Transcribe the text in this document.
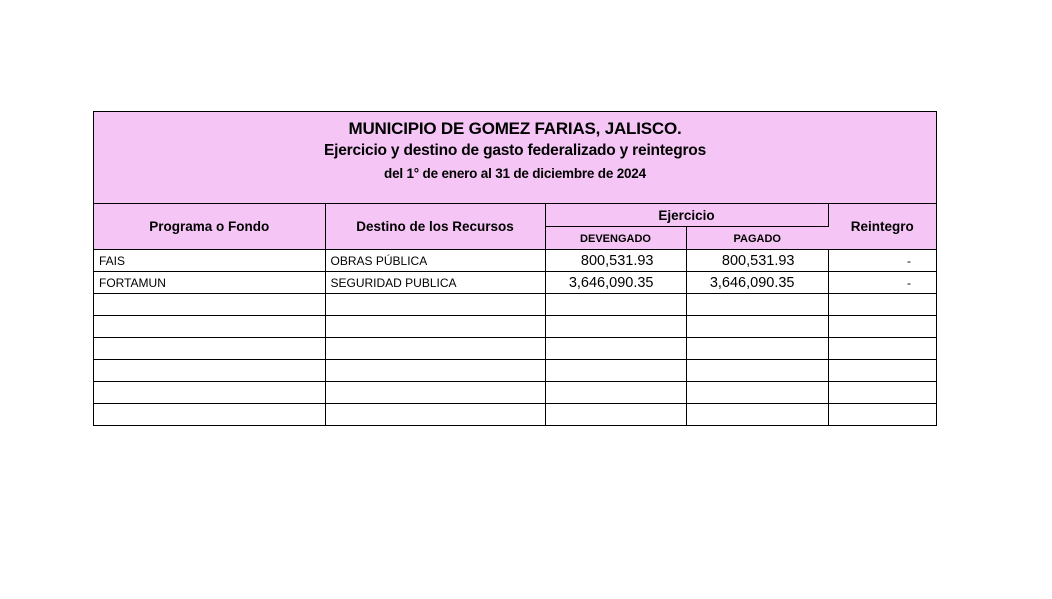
MUNICIPIO DE GOMEZ FARIAS, JALISCO.
Ejercicio y destino de gasto federalizado y reintegros
del 1° de enero al 31 de diciembre de 2024
Programa o Fondo	Destino de los Recursos	Ejercicio		Reintegro
		DEVENGADO	PAGADO	
FAIS	OBRAS PÚBLICA	800,531.93	800,531.93	-
FORTAMUN	SEGURIDAD PUBLICA	3,646,090.35	3,646,090.35	-
